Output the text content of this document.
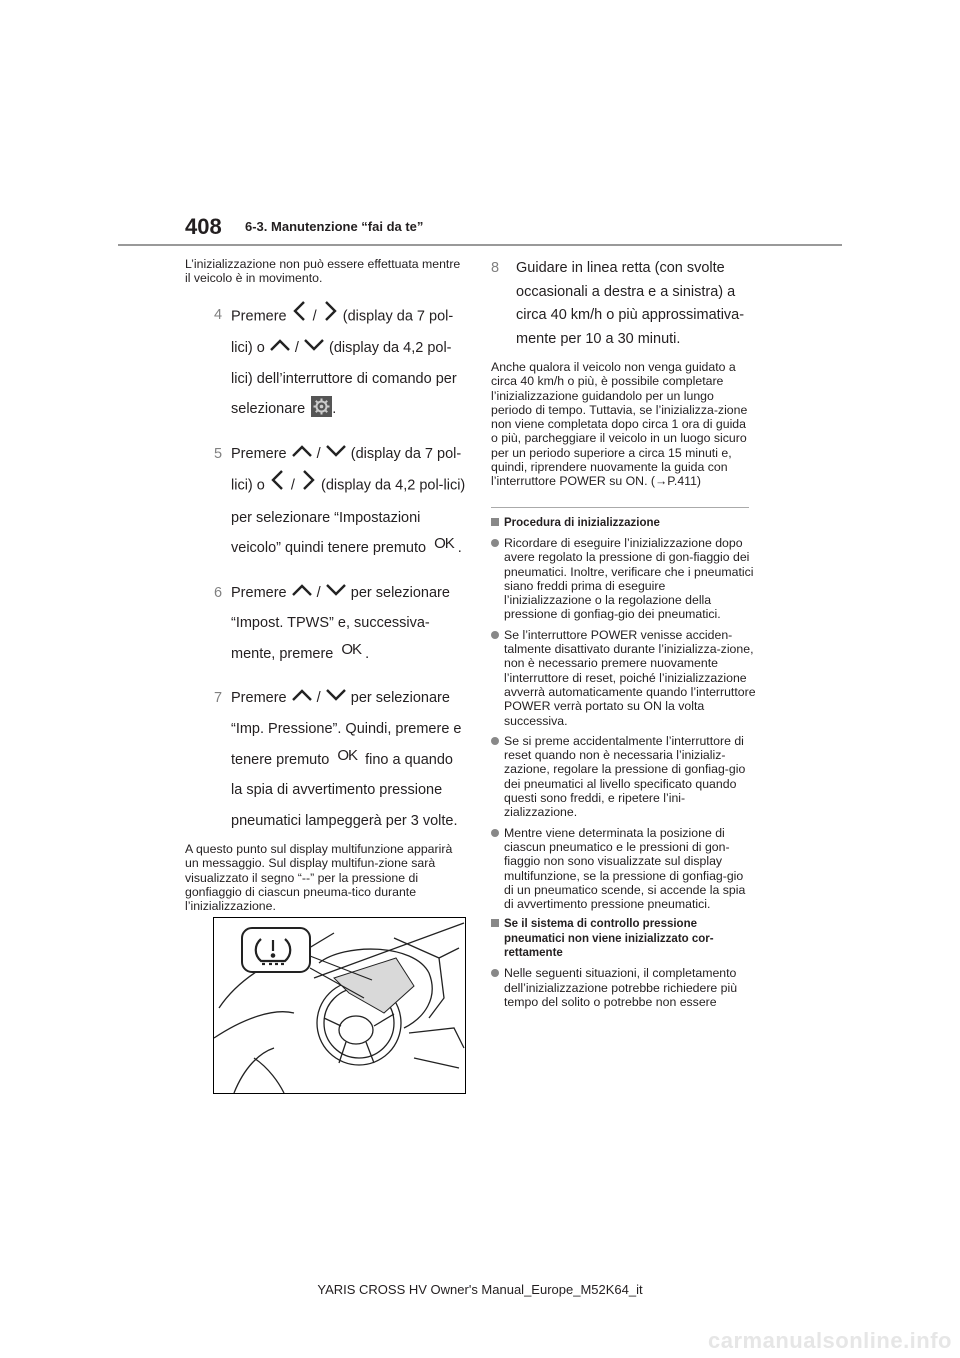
408 6-3. Manutenzione “fai da te”

L’inizializzazione non può essere effettuata mentre il veicolo è in movimento.

4 Premere  /  (display da 7 pol-lici) o  /  (display da 4,2 pol-lici) dell’interruttore di comando per selezionare .
5 Premere  /  (display da 7 pol-lici) o  /  (display da 4,2 pol-lici) per selezionare “Impostazioni veicolo” quindi tenere premuto OK .
6 Premere  /  per selezionare “Impost. TPWS” e, successiva-mente, premere OK .
7 Premere  /  per selezionare “Imp. Pressione”. Quindi, premere e tenere premuto OK fino a quando la spia di avvertimento pressione pneumatici lampeggerà per 3 volte.

A questo punto sul display multifunzione apparirà un messaggio. Sul display multifun-zione sarà visualizzato il segno “--” per la pressione di gonfiaggio di ciascun pneuma-tico durante l’inizializzazione.

8 Guidare in linea retta (con svolte occasionali a destra e a sinistra) a circa 40 km/h o più approssimativa-mente per 10 a 30 minuti.

Anche qualora il veicolo non venga guidato a circa 40 km/h o più, è possibile completare l’inizializzazione guidandolo per un lungo periodo di tempo. Tuttavia, se l’inizializza-zione non viene completata dopo circa 1 ora di guida o più, parcheggiare il veicolo in un luogo sicuro per un periodo superiore a circa 15 minuti e, quindi, riprendere nuovamente la guida con l’interruttore POWER su ON. (→P.411)

Procedura di inizializzazione
Ricordare di eseguire l’inizializzazione dopo avere regolato la pressione di gon-fiaggio dei pneumatici. Inoltre, verificare che i pneumatici siano freddi prima di eseguire l’inizializzazione o la regolazione della pressione di gonfiag-gio dei pneumatici.
Se l’interruttore POWER venisse acciden-talmente disattivato durante l’inizializza-zione, non è necessario premere nuovamente l’interruttore di reset, poiché l’inizializzazione avverrà automaticamente quando l’interruttore POWER verrà portato su ON la volta successiva.
Se si preme accidentalmente l’interruttore di reset quando non è necessaria l’inizializ-zazione, regolare la pressione di gonfiag-gio dei pneumatici al livello specificato quando questi sono freddi, e ripetere l’ini-zializzazione.
Mentre viene determinata la posizione di ciascun pneumatico e le pressioni di gon-fiaggio non sono visualizzate sul display multifunzione, se la pressione di gonfiag-gio di un pneumatico scende, si accende la spia di avvertimento pressione pneumatici.
Se il sistema di controllo pressione pneumatici non viene inizializzato cor-rettamente
Nelle seguenti situazioni, il completamento dell’inizializzazione potrebbe richiedere più tempo del solito o potrebbe non essere
YARIS CROSS HV Owner's Manual_Europe_M52K64_it
carmanualsonline.info
